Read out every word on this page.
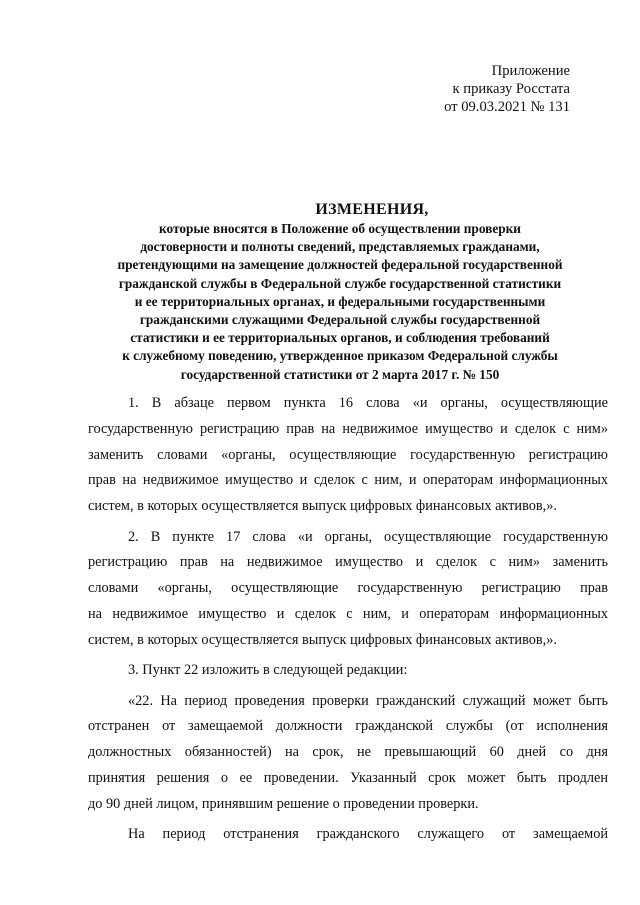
Приложение
к приказу Росстата
от 09.03.2021 № 131
ИЗМЕНЕНИЯ,
которые вносятся в Положение об осуществлении проверки
достоверности и полноты сведений, представляемых гражданами,
претендующими на замещение должностей федеральной государственной
гражданской службы в Федеральной службе государственной статистики
и ее территориальных органах, и федеральными государственными
гражданскими служащими Федеральной службы государственной
статистики и ее территориальных органов, и соблюдения требований
к служебному поведению, утвержденное приказом Федеральной службы
государственной статистики от 2 марта 2017 г. № 150
1. В абзаце первом пункта 16 слова «и органы, осуществляющие
государственную регистрацию прав на недвижимое имущество и сделок с ним»
заменить словами «органы, осуществляющие государственную регистрацию
прав на недвижимое имущество и сделок с ним, и операторам информационных
систем, в которых осуществляется выпуск цифровых финансовых активов,».
2. В пункте 17 слова «и органы, осуществляющие государственную
регистрацию прав на недвижимое имущество и сделок с ним» заменить
словами «органы, осуществляющие государственную регистрацию прав
на недвижимое имущество и сделок с ним, и операторам информационных
систем, в которых осуществляется выпуск цифровых финансовых активов,».
3. Пункт 22 изложить в следующей редакции:
«22. На период проведения проверки гражданский служащий может быть
отстранен от замещаемой должности гражданской службы (от исполнения
должностных обязанностей) на срок, не превышающий 60 дней со дня
принятия решения о ее проведении. Указанный срок может быть продлен
до 90 дней лицом, принявшим решение о проведении проверки.
На период отстранения гражданского служащего от замещаемой
